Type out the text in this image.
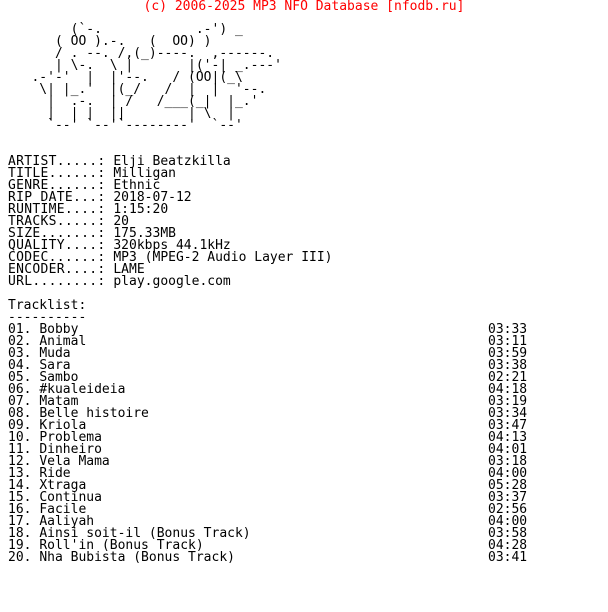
(c) 2006-2025 MP3 NFO Database [nfodb.ru]
(`-.            .-') _
( OO ).-.   (  OO) )
/ . --. /,(_)----.  ,------.
| \-.  \ |       |('-| _.---'
.-'-'  |  |'--.   / (OO|(_\
\| |_.'  |(_/   /  |  |  '--.
|  .-.  | /   /___(_|  |_.'
|  | |  ||        | \  |
`--' `--'`--------'  `--'
ARTIST.....: Elji Beatzkilla
TITLE......: Milligan
GENRE......: Ethnic
RIP DATE...: 2018-07-12
RUNTIME....: 1:15:20
TRACKS.....: 20
SIZE.......: 175.33MB
QUALITY....: 320kbps 44.1kHz
CODEC......: MP3 (MPEG-2 Audio Layer III)
ENCODER....: LAME
URL........: play.google.com
Tracklist:
----------
01. Bobby	03:33
02. Animal	03:11
03. Muda	03:59
04. Sara	03:38
05. Sambo	02:21
06. #kualeideia	04:18
07. Matam	03:19
08. Belle histoire	03:34
09. Kriola	03:47
10. Problema	04:13
11. Dinheiro	04:01
12. Vela Mama	03:18
13. Ride	04:00
14. Xtraga	05:28
15. Continua	03:37
16. Facile	02:56
17. Aaliyah	04:00
18. Ainsi soit-il (Bonus Track)	03:58
19. Roll'in (Bonus Track)	04:28
20. Nha Bubista (Bonus Track)	03:41
